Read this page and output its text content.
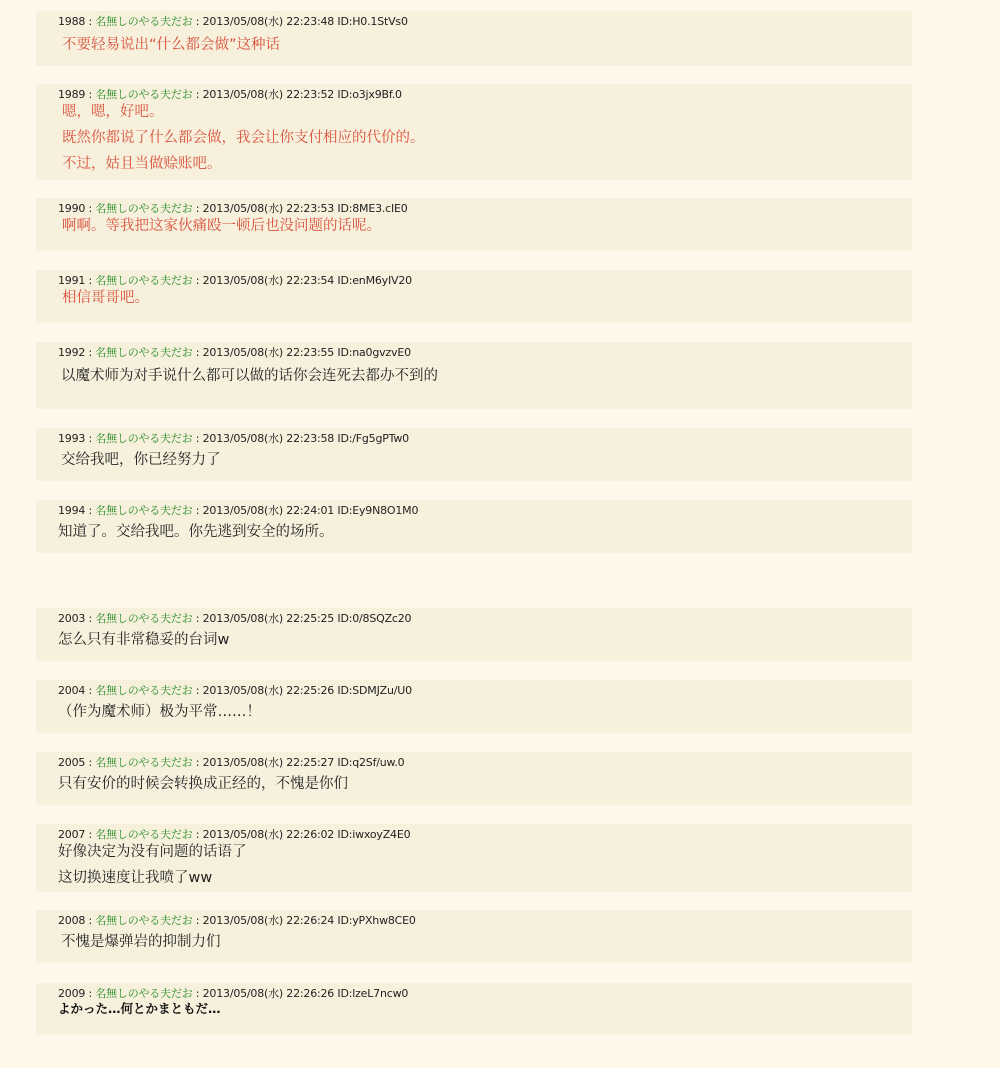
1988 : 名無しのやる夫だお : 2013/05/08(水) 22:23:48 ID:H0.1StVs0
不要轻易说出“什么都会做”这种话
1989 : 名無しのやる夫だお : 2013/05/08(水) 22:23:52 ID:o3jx9Bf.0
嗯，嗯，好吧。
既然你都说了什么都会做，我会让你支付相应的代价的。
不过，姑且当做赊账吧。
1990 : 名無しのやる夫だお : 2013/05/08(水) 22:23:53 ID:8ME3.cIE0
啊啊。等我把这家伙痛殴一顿后也没问题的话呢。
1991 : 名無しのやる夫だお : 2013/05/08(水) 22:23:54 ID:enM6yIV20
相信哥哥吧。
1992 : 名無しのやる夫だお : 2013/05/08(水) 22:23:55 ID:na0gvzvE0
以魔术师为对手说什么都可以做的话你会连死去都办不到的
1993 : 名無しのやる夫だお : 2013/05/08(水) 22:23:58 ID:/Fg5gPTw0
交给我吧，你已经努力了
1994 : 名無しのやる夫だお : 2013/05/08(水) 22:24:01 ID:Ey9N8O1M0
知道了。交给我吧。你先逃到安全的场所。
2003 : 名無しのやる夫だお : 2013/05/08(水) 22:25:25 ID:0/8SQZc20
怎么只有非常稳妥的台词w
2004 : 名無しのやる夫だお : 2013/05/08(水) 22:25:26 ID:SDMJZu/U0
（作为魔术师）极为平常……！
2005 : 名無しのやる夫だお : 2013/05/08(水) 22:25:27 ID:q2Sf/uw.0
只有安价的时候会转换成正经的，不愧是你们
2007 : 名無しのやる夫だお : 2013/05/08(水) 22:26:02 ID:iwxoyZ4E0
好像决定为没有问题的话语了
这切换速度让我喷了ww
2008 : 名無しのやる夫だお : 2013/05/08(水) 22:26:24 ID:yPXhw8CE0
不愧是爆弹岩的抑制力们
2009 : 名無しのやる夫だお : 2013/05/08(水) 22:26:26 ID:lzeL7ncw0
よかった…何とかまともだ…
